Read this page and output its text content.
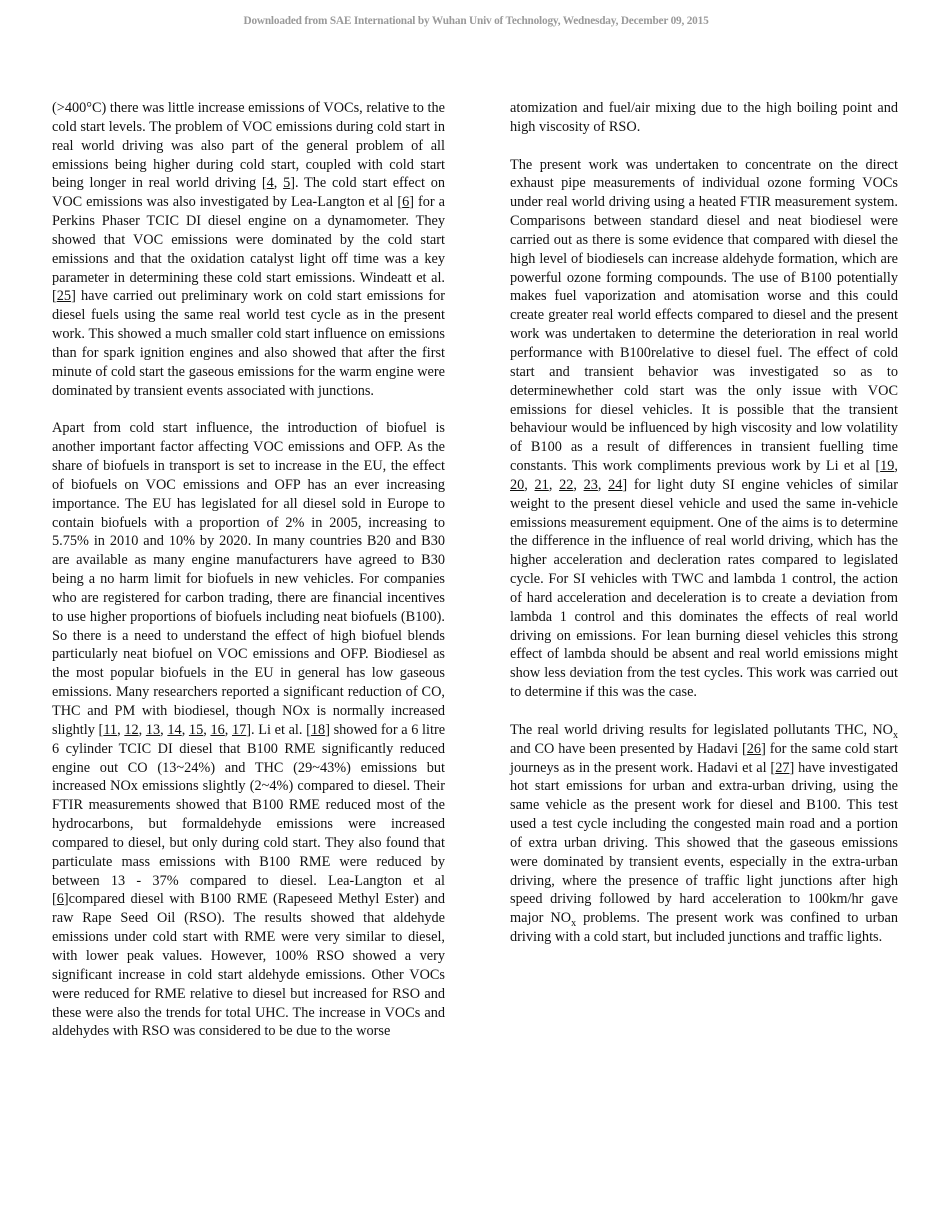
Downloaded from SAE International by Wuhan Univ of Technology, Wednesday, December 09, 2015

(>400°C) there was little increase emissions of VOCs, relative to the cold start levels. The problem of VOC emissions during cold start in real world driving was also part of the general problem of all emissions being higher during cold start, coupled with cold start being longer in real world driving [4, 5]. The cold start effect on VOC emissions was also investigated by Lea-Langton et al [6] for a Perkins Phaser TCIC DI diesel engine on a dynamometer. They showed that VOC emissions were dominated by the cold start emissions and that the oxidation catalyst light off time was a key parameter in determining these cold start emissions. Windeatt et al. [25] have carried out preliminary work on cold start emissions for diesel fuels using the same real world test cycle as in the present work. This showed a much smaller cold start influence on emissions than for spark ignition engines and also showed that after the first minute of cold start the gaseous emissions for the warm engine were dominated by transient events associated with junctions.

Apart from cold start influence, the introduction of biofuel is another important factor affecting VOC emissions and OFP. As the share of biofuels in transport is set to increase in the EU, the effect of biofuels on VOC emissions and OFP has an ever increasing importance. The EU has legislated for all diesel sold in Europe to contain biofuels with a proportion of 2% in 2005, increasing to 5.75% in 2010 and 10% by 2020. In many countries B20 and B30 are available as many engine manufacturers have agreed to B30 being a no harm limit for biofuels in new vehicles. For companies who are registered for carbon trading, there are financial incentives to use higher proportions of biofuels including neat biofuels (B100). So there is a need to understand the effect of high biofuel blends particularly neat biofuel on VOC emissions and OFP. Biodiesel as the most popular biofuels in the EU in general has low gaseous emissions. Many researchers reported a significant reduction of CO, THC and PM with biodiesel, though NOx is normally increased slightly [11, 12, 13, 14, 15, 16, 17]. Li et al. [18] showed for a 6 litre 6 cylinder TCIC DI diesel that B100 RME significantly reduced engine out CO (13~24%) and THC (29~43%) emissions but increased NOx emissions slightly (2~4%) compared to diesel. Their FTIR measurements showed that B100 RME reduced most of the hydrocarbons, but formaldehyde emissions were increased compared to diesel, but only during cold start. They also found that particulate mass emissions with B100 RME were reduced by between 13 - 37% compared to diesel. Lea-Langton et al [6]compared diesel with B100 RME (Rapeseed Methyl Ester) and raw Rape Seed Oil (RSO). The results showed that aldehyde emissions under cold start with RME were very similar to diesel, with lower peak values. However, 100% RSO showed a very significant increase in cold start aldehyde emissions. Other VOCs were reduced for RME relative to diesel but increased for RSO and these were also the trends for total UHC. The increase in VOCs and aldehydes with RSO was considered to be due to the worse

atomization and fuel/air mixing due to the high boiling point and high viscosity of RSO.

The present work was undertaken to concentrate on the direct exhaust pipe measurements of individual ozone forming VOCs under real world driving using a heated FTIR measurement system. Comparisons between standard diesel and neat biodiesel were carried out as there is some evidence that compared with diesel the high level of biodiesels can increase aldehyde formation, which are powerful ozone forming compounds. The use of B100 potentially makes fuel vaporization and atomisation worse and this could create greater real world effects compared to diesel and the present work was undertaken to determine the deterioration in real world performance with B100relative to diesel fuel. The effect of cold start and transient behavior was investigated so as to determinewhether cold start was the only issue with VOC emissions for diesel vehicles. It is possible that the transient behaviour would be influenced by high viscosity and low volatility of B100 as a result of differences in transient fuelling time constants. This work compliments previous work by Li et al [19, 20, 21, 22, 23, 24] for light duty SI engine vehicles of similar weight to the present diesel vehicle and used the same in-vehicle emissions measurement equipment. One of the aims is to determine the difference in the influence of real world driving, which has the higher acceleration and decleration rates compared to legislated cycle. For SI vehicles with TWC and lambda 1 control, the action of hard acceleration and deceleration is to create a deviation from lambda 1 control and this dominates the effects of real world driving on emissions. For lean burning diesel vehicles this strong effect of lambda should be absent and real world emissions might show less deviation from the test cycles. This work was carried out to determine if this was the case.

The real world driving results for legislated pollutants THC, $NO_x$ and CO have been presented by Hadavi [26] for the same cold start journeys as in the present work. Hadavi et al [27] have investigated hot start emissions for urban and extra-urban driving, using the same vehicle as the present work for diesel and B100. This test used a test cycle including the congested main road and a portion of extra urban driving. This showed that the gaseous emissions were dominated by transient events, especially in the extra-urban driving, where the presence of traffic light junctions after high speed driving followed by hard acceleration to 100km/hr gave major $NO_x$ problems. The present work was confined to urban driving with a cold start, but included junctions and traffic lights.
